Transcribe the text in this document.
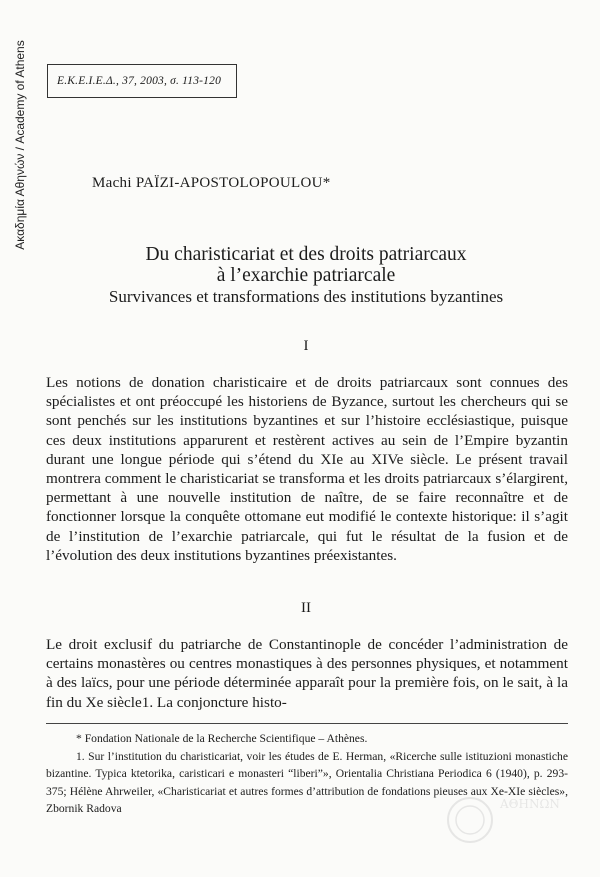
Ακαδημία Αθηνών / Academy of Athens	Ε.Κ.Ε.Ι.Ε.Δ., 37, 2003, σ. 113-120
Machi PAÏZI-APOSTOLOPOULOU*
Du charisticariat et des droits patriarcaux
à l’exarchie patriarcale
Survivances et transformations des institutions byzantines
I
Les notions de donation charisticaire et de droits patriarcaux sont connues des spécialistes et ont préoccupé les historiens de Byzance, surtout les chercheurs qui se sont penchés sur les institutions byzantines et sur l’histoire ecclésiastique, puisque ces deux institutions apparurent et restèrent actives au sein de l’Empire byzantin durant une longue période qui s’étend du XIe au XIVe siècle. Le présent travail montrera comment le charisticariat se transforma et les droits patriarcaux s’élargirent, permettant à une nouvelle institution de naître, de se faire reconnaître et de fonctionner lorsque la conquête ottomane eut modifié le contexte historique: il s’agit de l’institution de l’exarchie patriarcale, qui fut le résultat de la fusion et de l’évolution des deux institutions byzantines préexistantes.
II
Le droit exclusif du patriarche de Constantinople de concéder l’administration de certains monastères ou centres monastiques à des personnes physiques, et notamment à des laïcs, pour une période déterminée apparaît pour la première fois, on le sait, à la fin du Xe siècle1. La conjoncture histo-
* Fondation Nationale de la Recherche Scientifique – Athènes.
1. Sur l’institution du charisticariat, voir les études de E. Herman, «Ricerche sulle istituzioni monastiche bizantine. Typica ktetorika, caristicari e monasteri “liberi”», Orientalia Christiana Periodica 6 (1940), p. 293-375; Hélène Ahrweiler, «Charisticariat et autres formes d’attribution de fondations pieuses aux Xe-XIe siècles», Zbornik Radova	ΑΘΗΝΩΝ
